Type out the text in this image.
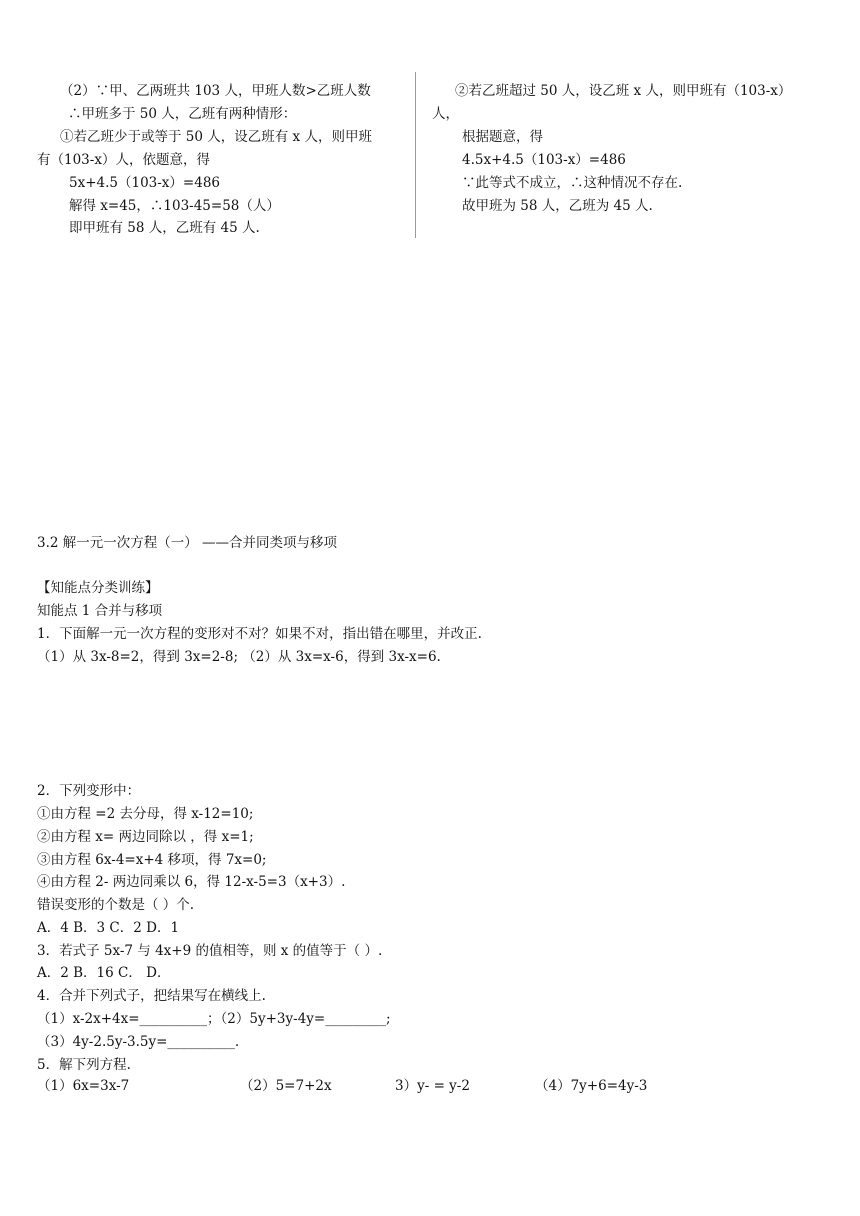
（2）∵甲、乙两班共 103 人，甲班人数>乙班人数
∴甲班多于 50 人，乙班有两种情形：
①若乙班少于或等于 50 人，设乙班有 x 人，则甲班
有（103-x）人，依题意，得
5x+4.5（103-x）=486
解得 x=45，∴103-45=58（人）
即甲班有 58 人，乙班有 45 人.
②若乙班超过 50 人，设乙班 x 人，则甲班有（103-x）
人，
根据题意，得
4.5x+4.5（103-x）=486
∵此等式不成立，∴这种情况不存在.
故甲班为 58 人，乙班为 45 人.
3.2 解一元一次方程（一） ——合并同类项与移项
【知能点分类训练】
知能点 1 合并与移项
1．下面解一元一次方程的变形对不对？如果不对，指出错在哪里，并改正.
（1）从 3x-8=2，得到 3x=2-8; （2）从 3x=x-6，得到 3x-x=6.
2．下列变形中：
①由方程 =2 去分母，得 x-12=10;
②由方程 x= 两边同除以 ，得 x=1;
③由方程 6x-4=x+4 移项，得 7x=0;
④由方程 2- 两边同乘以 6，得 12-x-5=3（x+3）.
错误变形的个数是（ ）个.
A．4 B．3 C．2 D．1
3．若式子 5x-7 与 4x+9 的值相等，则 x 的值等于（ ）.
A．2 B．16 C． D．
4．合并下列式子，把结果写在横线上.
（1）x-2x+4x=__________；（2）5y+3y-4y=_________;
（3）4y-2.5y-3.5y=__________.
5．解下列方程.
（1）6x=3x-7	（2）5=7+2x	3）y- = y-2	（4）7y+6=4y-3
